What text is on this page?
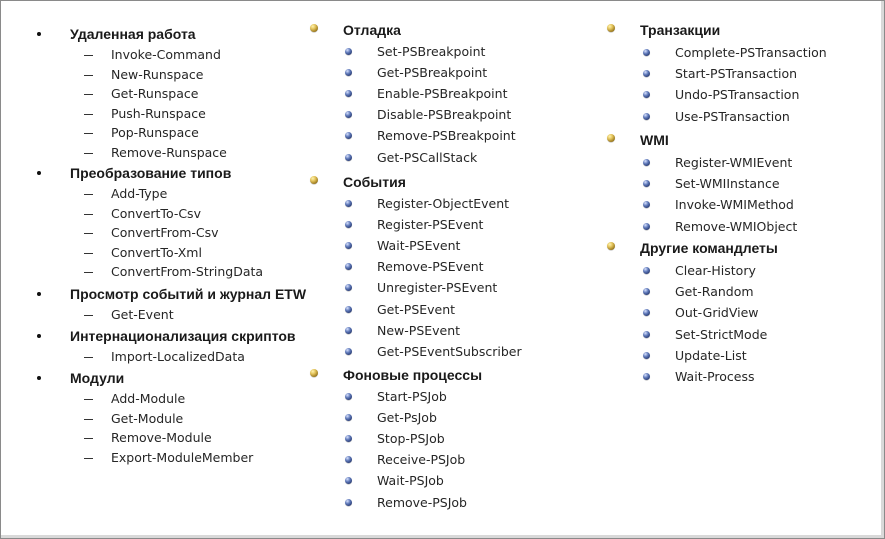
Удаленная работа
Invoke-Command
New-Runspace
Get-Runspace
Push-Runspace
Pop-Runspace
Remove-Runspace
Преобразование типов
Add-Type
ConvertTo-Csv
ConvertFrom-Csv
ConvertTo-Xml
ConvertFrom-StringData
Просмотр событий и журнал ETW
Get-Event
Интернационализация скриптов
Import-LocalizedData
Модули
Add-Module
Get-Module
Remove-Module
Export-ModuleMember
Отладка
Set-PSBreakpoint
Get-PSBreakpoint
Enable-PSBreakpoint
Disable-PSBreakpoint
Remove-PSBreakpoint
Get-PSCallStack
События
Register-ObjectEvent
Register-PSEvent
Wait-PSEvent
Remove-PSEvent
Unregister-PSEvent
Get-PSEvent
New-PSEvent
Get-PSEventSubscriber
Фоновые процессы
Start-PSJob
Get-PsJob
Stop-PSJob
Receive-PSJob
Wait-PSJob
Remove-PSJob
Транзакции
Complete-PSTransaction
Start-PSTransaction
Undo-PSTransaction
Use-PSTransaction
WMI
Register-WMIEvent
Set-WMIInstance
Invoke-WMIMethod
Remove-WMIObject
Другие командлеты
Clear-History
Get-Random
Out-GridView
Set-StrictMode
Update-List
Wait-Process
